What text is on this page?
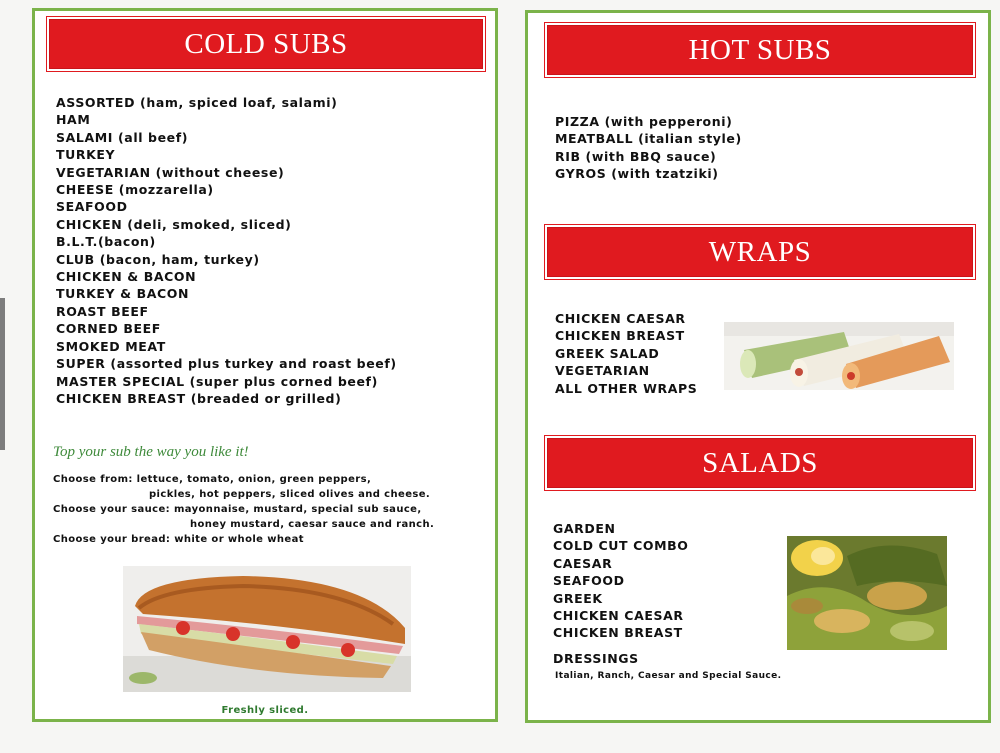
COLD SUBS
ASSORTED (ham, spiced loaf, salami)
HAM
SALAMI (all beef)
TURKEY
VEGETARIAN (without cheese)
CHEESE (mozzarella)
SEAFOOD
CHICKEN (deli, smoked, sliced)
B.L.T.(bacon)
CLUB (bacon, ham, turkey)
CHICKEN & BACON
TURKEY & BACON
ROAST BEEF
CORNED BEEF
SMOKED MEAT
SUPER (assorted plus turkey and roast beef)
MASTER SPECIAL (super plus corned beef)
CHICKEN BREAST (breaded or grilled)
Top your sub the way you like it!
Choose from: lettuce, tomato, onion, green peppers,
pickles, hot peppers, sliced olives and cheese.
Choose your sauce: mayonnaise, mustard, special sub sauce,
honey mustard, caesar sauce and ranch.
Choose your bread: white or whole wheat
Freshly sliced.
HOT SUBS
PIZZA (with pepperoni)
MEATBALL (italian style)
RIB (with BBQ sauce)
GYROS (with tzatziki)
WRAPS
CHICKEN CAESAR
CHICKEN BREAST
GREEK SALAD
VEGETARIAN
ALL OTHER WRAPS
SALADS
GARDEN
COLD CUT COMBO
CAESAR
SEAFOOD
GREEK
CHICKEN CAESAR
CHICKEN BREAST
DRESSINGS
Italian, Ranch, Caesar and Special Sauce.
